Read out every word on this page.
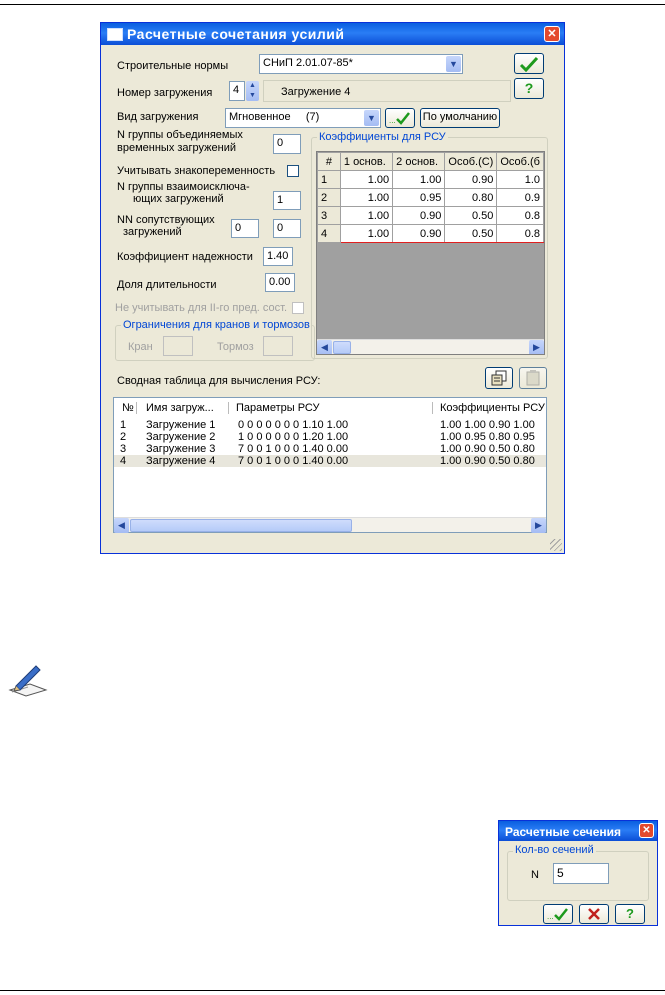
Расчетные сочетания усилий	✕
Строительные нормы	СНиП 2.01.07-85*	▼
Номер загружения	4	▲
▼ Загружение 4	?
Вид загружения	Мгновенное     (7)	▼	... По умолчанию
N группы объединяемых
временных загружений	0
Учитывать знакопеременность
N группы взаимоисключа-
ющих загружений	1
NN сопутствующих
загружений	0	0
Коэффициент надежности	1.40
Доля длительности	0.00
Не учитывать для II-го пред. сост.
Ограничения для кранов и тормозов
Кран	Тормоз
Коэффициенты для РСУ
#	1 основ.	2 основ.	Особ.(С)	Особ.(б
1	1.00	1.00	0.90	1.0
2	1.00	0.95	0.80	0.9
3	1.00	0.90	0.50	0.8
4	1.00	0.90	0.50	0.8
◀	▶
Сводная таблица для вычисления РСУ:
№ Имя загруж... Параметры РСУ	Коэффициенты РСУ
1 Загружение 1 0 0 0 0 0 0 0 1.10 1.00	1.00 1.00 0.90 1.00
2 Загружение 2 1 0 0 0 0 0 0 1.20 1.00	1.00 0.95 0.80 0.95
3 Загружение 3 7 0 0 1 0 0 0 1.40 0.00	1.00 0.90 0.50 0.80
4 Загружение 4 7 0 0 1 0 0 0 1.40 0.00	1.00 0.90 0.50 0.80
◀	▶
Расчетные сечения	✕
Кол-во сечений
N	5
...	?
